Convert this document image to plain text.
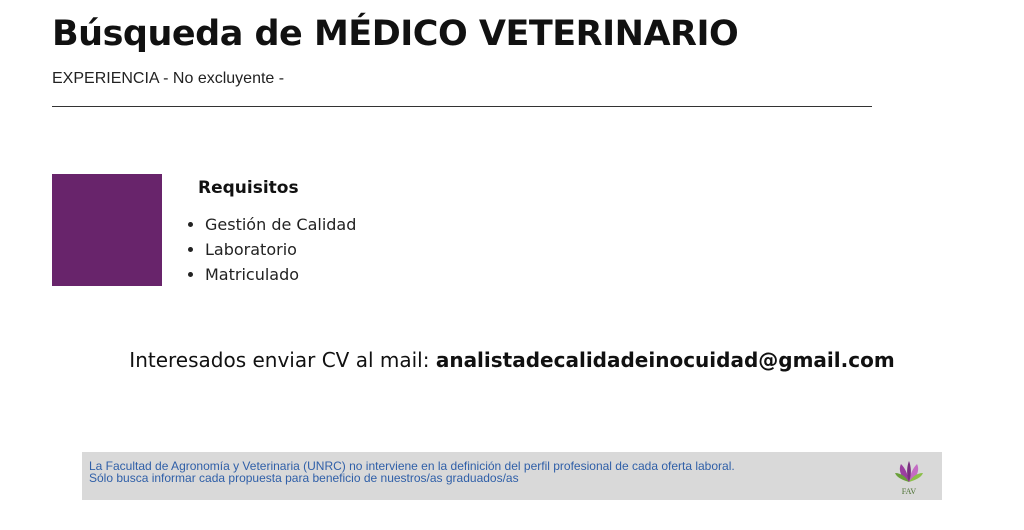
Búsqueda de MÉDICO VETERINARIO
EXPERIENCIA - No excluyente -
Requisitos
Gestión de Calidad
Laboratorio
Matriculado
Interesados enviar CV al mail: analistadecalidadeinocuidad@gmail.com
La Facultad de Agronomía y Veterinaria (UNRC) no interviene en la definición del perfil profesional de cada oferta laboral.
Sólo busca informar cada propuesta para beneficio de nuestros/as graduados/as
FAV
